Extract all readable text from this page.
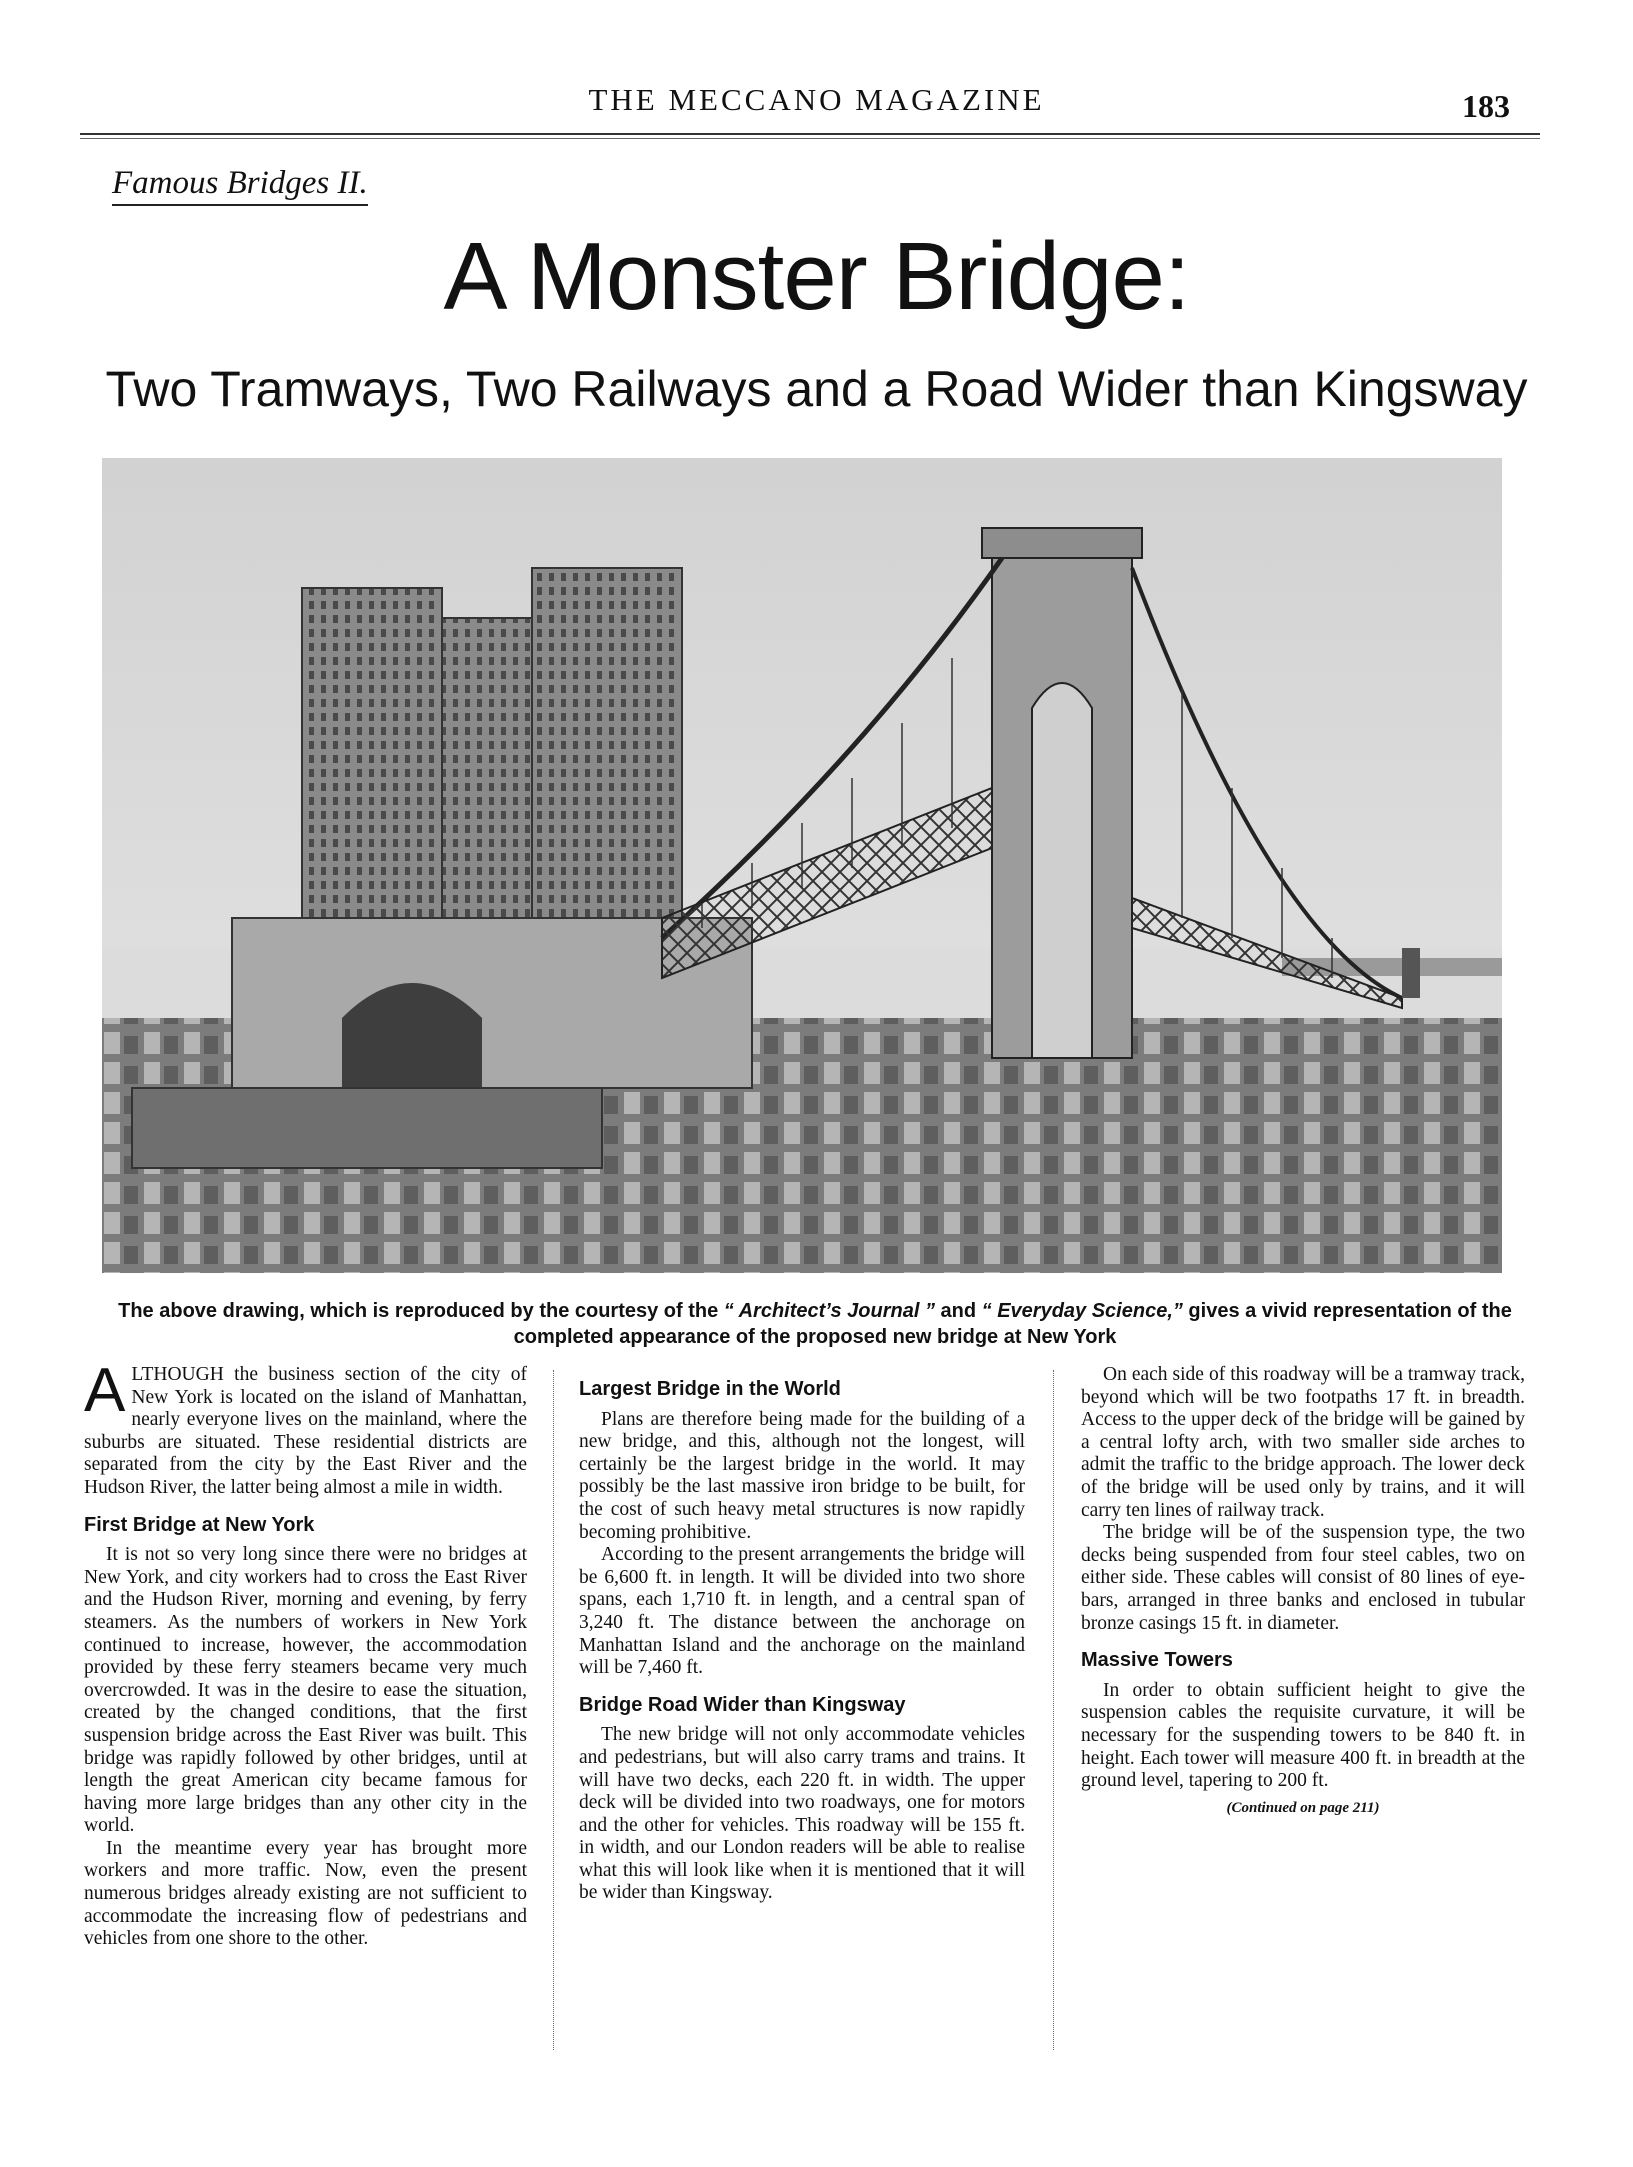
THE MECCANO MAGAZINE	183
Famous Bridges II.
A Monster Bridge:
Two Tramways, Two Railways and a Road Wider than Kingsway
The above drawing, which is reproduced by the courtesy of the “ Architect’s Journal ” and “ Everyday Science,” gives a vivid representation of the completed appearance of the proposed new bridge at New York

ALTHOUGH the business section of the city of New York is located on the island of Manhattan, nearly everyone lives on the mainland, where the suburbs are situated. These residential districts are separated from the city by the East River and the Hudson River, the latter being almost a mile in width.

First Bridge at New York

It is not so very long since there were no bridges at New York, and city workers had to cross the East River and the Hudson River, morning and evening, by ferry steamers. As the numbers of workers in New York continued to increase, however, the accommodation provided by these ferry steamers became very much overcrowded. It was in the desire to ease the situation, created by the changed conditions, that the first suspension bridge across the East River was built. This bridge was rapidly followed by other bridges, until at length the great American city became famous for having more large bridges than any other city in the world.

In the meantime every year has brought more workers and more traffic. Now, even the present numerous bridges already existing are not sufficient to accommodate the increasing flow of pedestrians and vehicles from one shore to the other.

Largest Bridge in the World

Plans are therefore being made for the building of a new bridge, and this, although not the longest, will certainly be the largest bridge in the world. It may possibly be the last massive iron bridge to be built, for the cost of such heavy metal structures is now rapidly becoming prohibitive.

According to the present arrangements the bridge will be 6,600 ft. in length. It will be divided into two shore spans, each 1,710 ft. in length, and a central span of 3,240 ft. The distance between the anchorage on Manhattan Island and the anchorage on the mainland will be 7,460 ft.

Bridge Road Wider than Kingsway

The new bridge will not only accommodate vehicles and pedestrians, but will also carry trams and trains. It will have two decks, each 220 ft. in width. The upper deck will be divided into two roadways, one for motors and the other for vehicles. This roadway will be 155 ft. in width, and our London readers will be able to realise what this will look like when it is mentioned that it will be wider than Kingsway.

On each side of this roadway will be a tramway track, beyond which will be two footpaths 17 ft. in breadth. Access to the upper deck of the bridge will be gained by a central lofty arch, with two smaller side arches to admit the traffic to the bridge approach. The lower deck of the bridge will be used only by trains, and it will carry ten lines of railway track.

The bridge will be of the suspension type, the two decks being suspended from four steel cables, two on either side. These cables will consist of 80 lines of eye-bars, arranged in three banks and enclosed in tubular bronze casings 15 ft. in diameter.

Massive Towers

In order to obtain sufficient height to give the suspension cables the requisite curvature, it will be necessary for the suspending towers to be 840 ft. in height. Each tower will measure 400 ft. in breadth at the ground level, tapering to 200 ft.

(Continued on page 211)
